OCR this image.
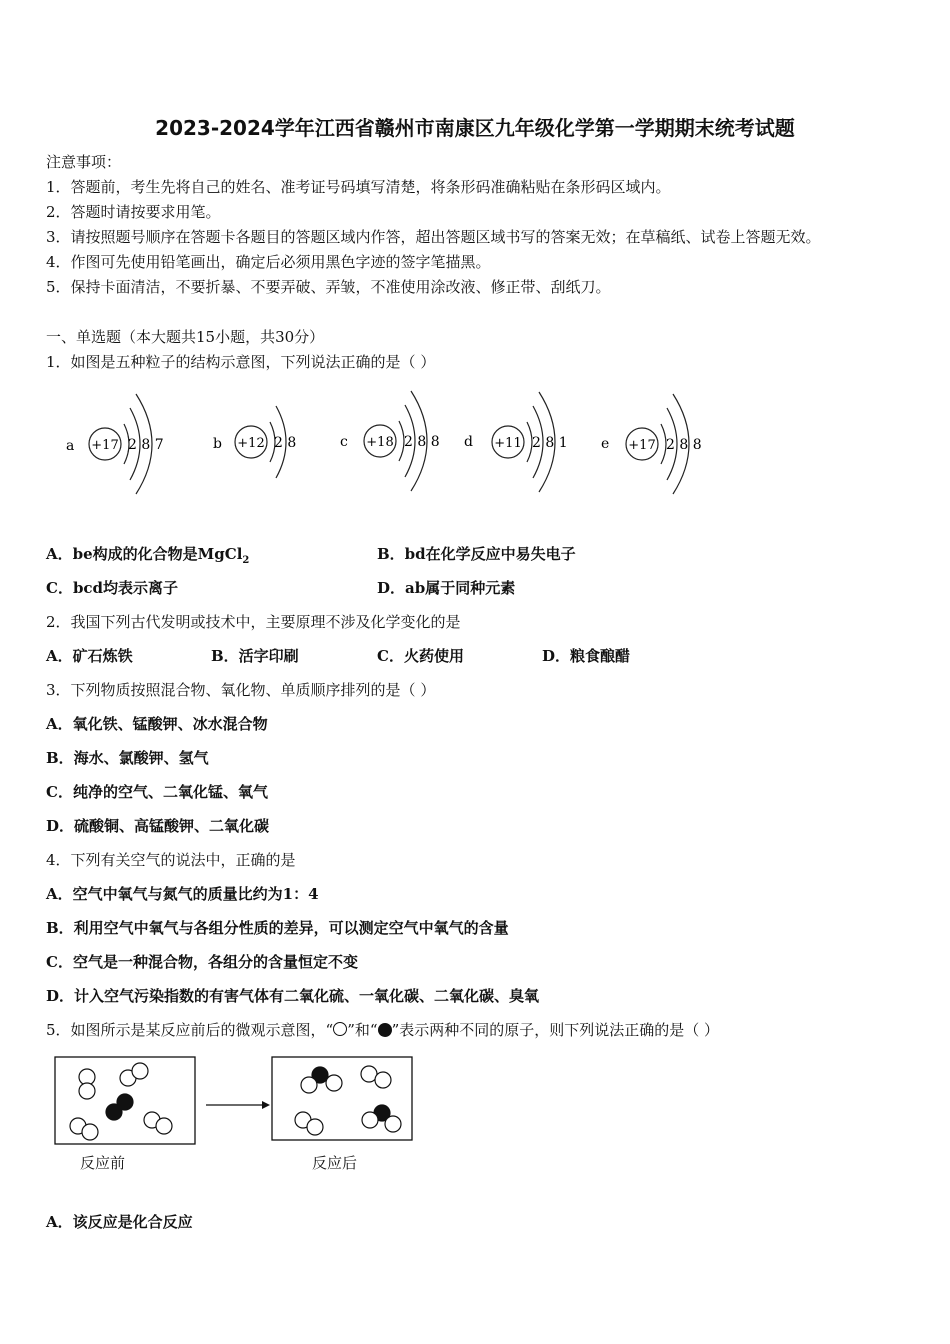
2023-2024学年江西省赣州市南康区九年级化学第一学期期末统考试题
注意事项：
1．答题前，考生先将自己的姓名、准考证号码填写清楚，将条形码准确粘贴在条形码区域内。
2．答题时请按要求用笔。
3．请按照题号顺序在答题卡各题目的答题区域内作答，超出答题区域书写的答案无效；在草稿纸、试卷上答题无效。
4．作图可先使用铅笔画出，确定后必须用黑色字迹的签字笔描黑。
5．保持卡面清洁，不要折暴、不要弄破、弄皱，不准使用涂改液、修正带、刮纸刀。
一、单选题（本大题共15小题，共30分）
1．如图是五种粒子的结构示意图，下列说法正确的是（ ）
a +17 2 8 7	b +12 2 8	c +18 2 8 8 d +11 2 8 1 e +17 2 8 8
A．be构成的化合物是MgCl$_2$	B．bd在化学反应中易失电子
C．bcd均表示离子	D．ab属于同种元素
2．我国下列古代发明或技术中，主要原理不涉及化学变化的是
A．矿石炼铁	B．活字印刷	C．火药使用	D．粮食酿醋
3．下列物质按照混合物、氧化物、单质顺序排列的是（ ）
A．氧化铁、锰酸钾、冰水混合物
B．海水、氯酸钾、氢气
C．纯净的空气、二氧化锰、氧气
D．硫酸铜、高锰酸钾、二氧化碳
4．下列有关空气的说法中，正确的是
A．空气中氧气与氮气的质量比约为1：4
B．利用空气中氧气与各组分性质的差异，可以测定空气中氧气的含量
C．空气是一种混合物，各组分的含量恒定不变
D．计入空气污染指数的有害气体有二氧化硫、一氧化碳、二氧化碳、臭氧
5．如图所示是某反应前后的微观示意图，“ ”和“ ”表示两种不同的原子，则下列说法正确的是（ ）
反应前	反应后
A．该反应是化合反应
